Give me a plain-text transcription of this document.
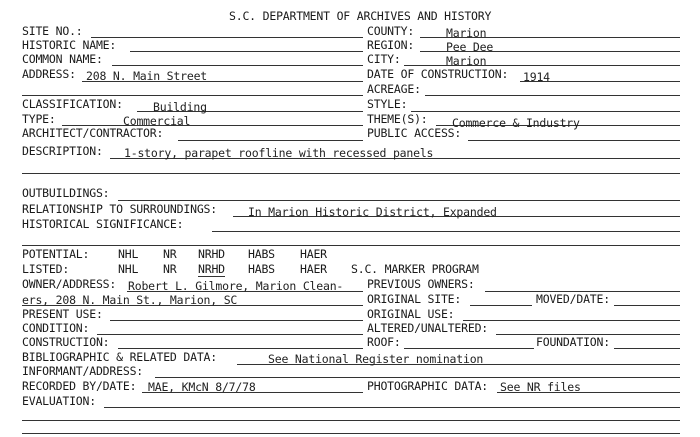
S.C. DEPARTMENT OF ARCHIVES AND HISTORY
SITE NO.:	COUNTY:	Marion
HISTORIC NAME:	REGION:	Pee Dee
COMMON NAME:	CITY:	Marion
ADDRESS: 208 N. Main Street	DATE OF CONSTRUCTION: 1914
ACREAGE:
CLASSIFICATION:	Building	STYLE:
TYPE:	Commercial	THEME(S): Commerce & Industry
ARCHITECT/CONTRACTOR:	PUBLIC ACCESS:
DESCRIPTION: 1-story, parapet roofline with recessed panels
OUTBUILDINGS:
RELATIONSHIP TO SURROUNDINGS:	In Marion Historic District, Expanded
HISTORICAL SIGNIFICANCE:
POTENTIAL:	NHL NR NRHD HABS HAER
LISTED:	NHL NR NRHD HABS HAER S.C. MARKER PROGRAM
OWNER/ADDRESS: Robert L. Gilmore, Marion Clean- PREVIOUS OWNERS:
ers, 208 N. Main St., Marion, SC	ORIGINAL SITE:	MOVED/DATE:
PRESENT USE:	ORIGINAL USE:
CONDITION:	ALTERED/UNALTERED:
CONSTRUCTION:	ROOF:	FOUNDATION:
BIBLIOGRAPHIC & RELATED DATA:	See National Register nomination
INFORMANT/ADDRESS:
RECORDED BY/DATE: MAE, KMcN 8/7/78	PHOTOGRAPHIC DATA: See NR files
EVALUATION:
